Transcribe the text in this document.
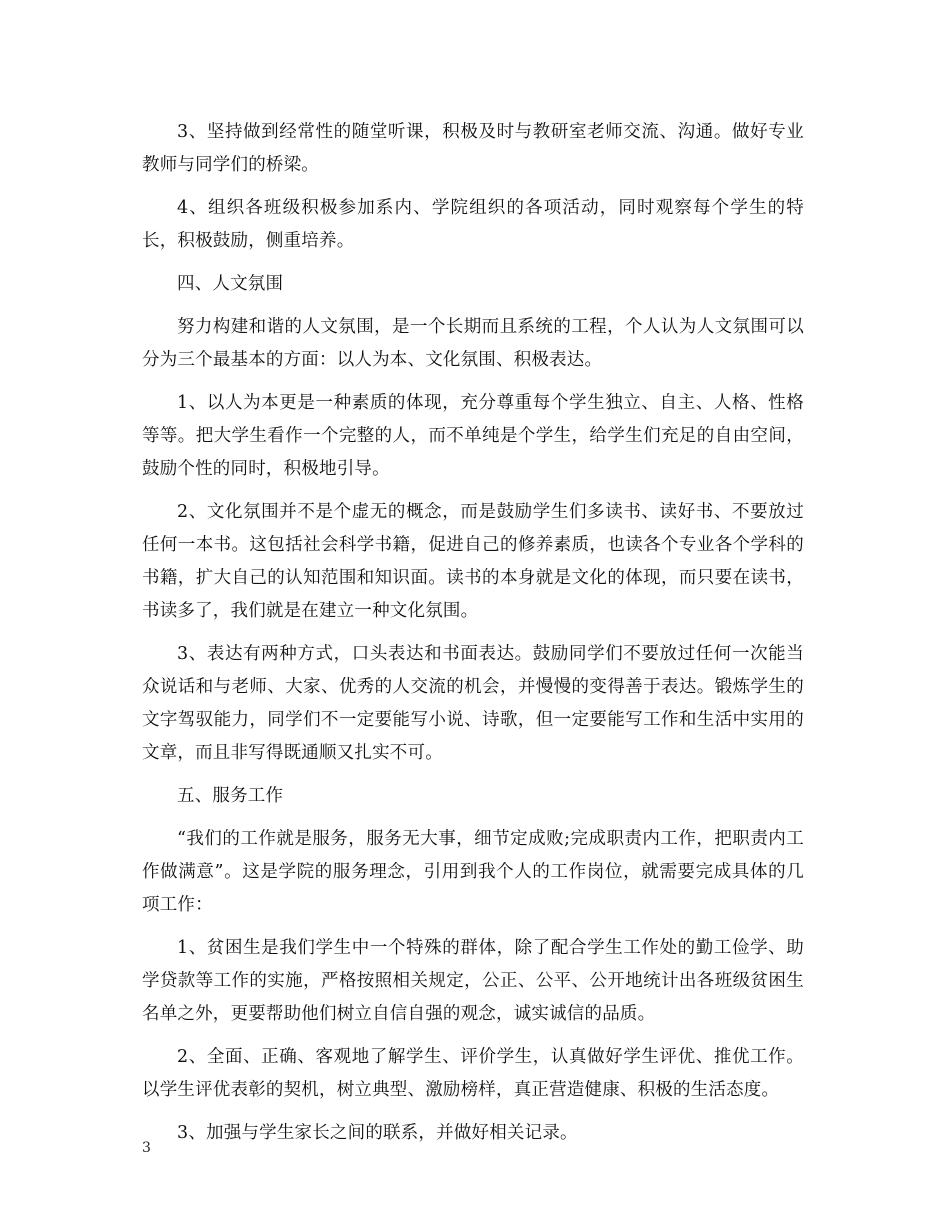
3、坚持做到经常性的随堂听课，积极及时与教研室老师交流、沟通。做好专业教师与同学们的桥梁。

4、组织各班级积极参加系内、学院组织的各项活动，同时观察每个学生的特长，积极鼓励，侧重培养。

四、人文氛围

努力构建和谐的人文氛围，是一个长期而且系统的工程，个人认为人文氛围可以分为三个最基本的方面：以人为本、文化氛围、积极表达。

1、以人为本更是一种素质的体现，充分尊重每个学生独立、自主、人格、性格等等。把大学生看作一个完整的人，而不单纯是个学生，给学生们充足的自由空间，鼓励个性的同时，积极地引导。

2、文化氛围并不是个虚无的概念，而是鼓励学生们多读书、读好书、不要放过任何一本书。这包括社会科学书籍，促进自己的修养素质，也读各个专业各个学科的书籍，扩大自己的认知范围和知识面。读书的本身就是文化的体现，而只要在读书，书读多了，我们就是在建立一种文化氛围。

3、表达有两种方式，口头表达和书面表达。鼓励同学们不要放过任何一次能当众说话和与老师、大家、优秀的人交流的机会，并慢慢的变得善于表达。锻炼学生的文字驾驭能力，同学们不一定要能写小说、诗歌，但一定要能写工作和生活中实用的文章，而且非写得既通顺又扎实不可。

五、服务工作

“我们的工作就是服务，服务无大事，细节定成败;完成职责内工作，把职责内工作做满意”。这是学院的服务理念，引用到我个人的工作岗位，就需要完成具体的几项工作：

1、贫困生是我们学生中一个特殊的群体，除了配合学生工作处的勤工俭学、助学贷款等工作的实施，严格按照相关规定，公正、公平、公开地统计出各班级贫困生名单之外，更要帮助他们树立自信自强的观念，诚实诚信的品质。

2、全面、正确、客观地了解学生、评价学生，认真做好学生评优、推优工作。以学生评优表彰的契机，树立典型、激励榜样，真正营造健康、积极的生活态度。

3、加强与学生家长之间的联系，并做好相关记录。

3
